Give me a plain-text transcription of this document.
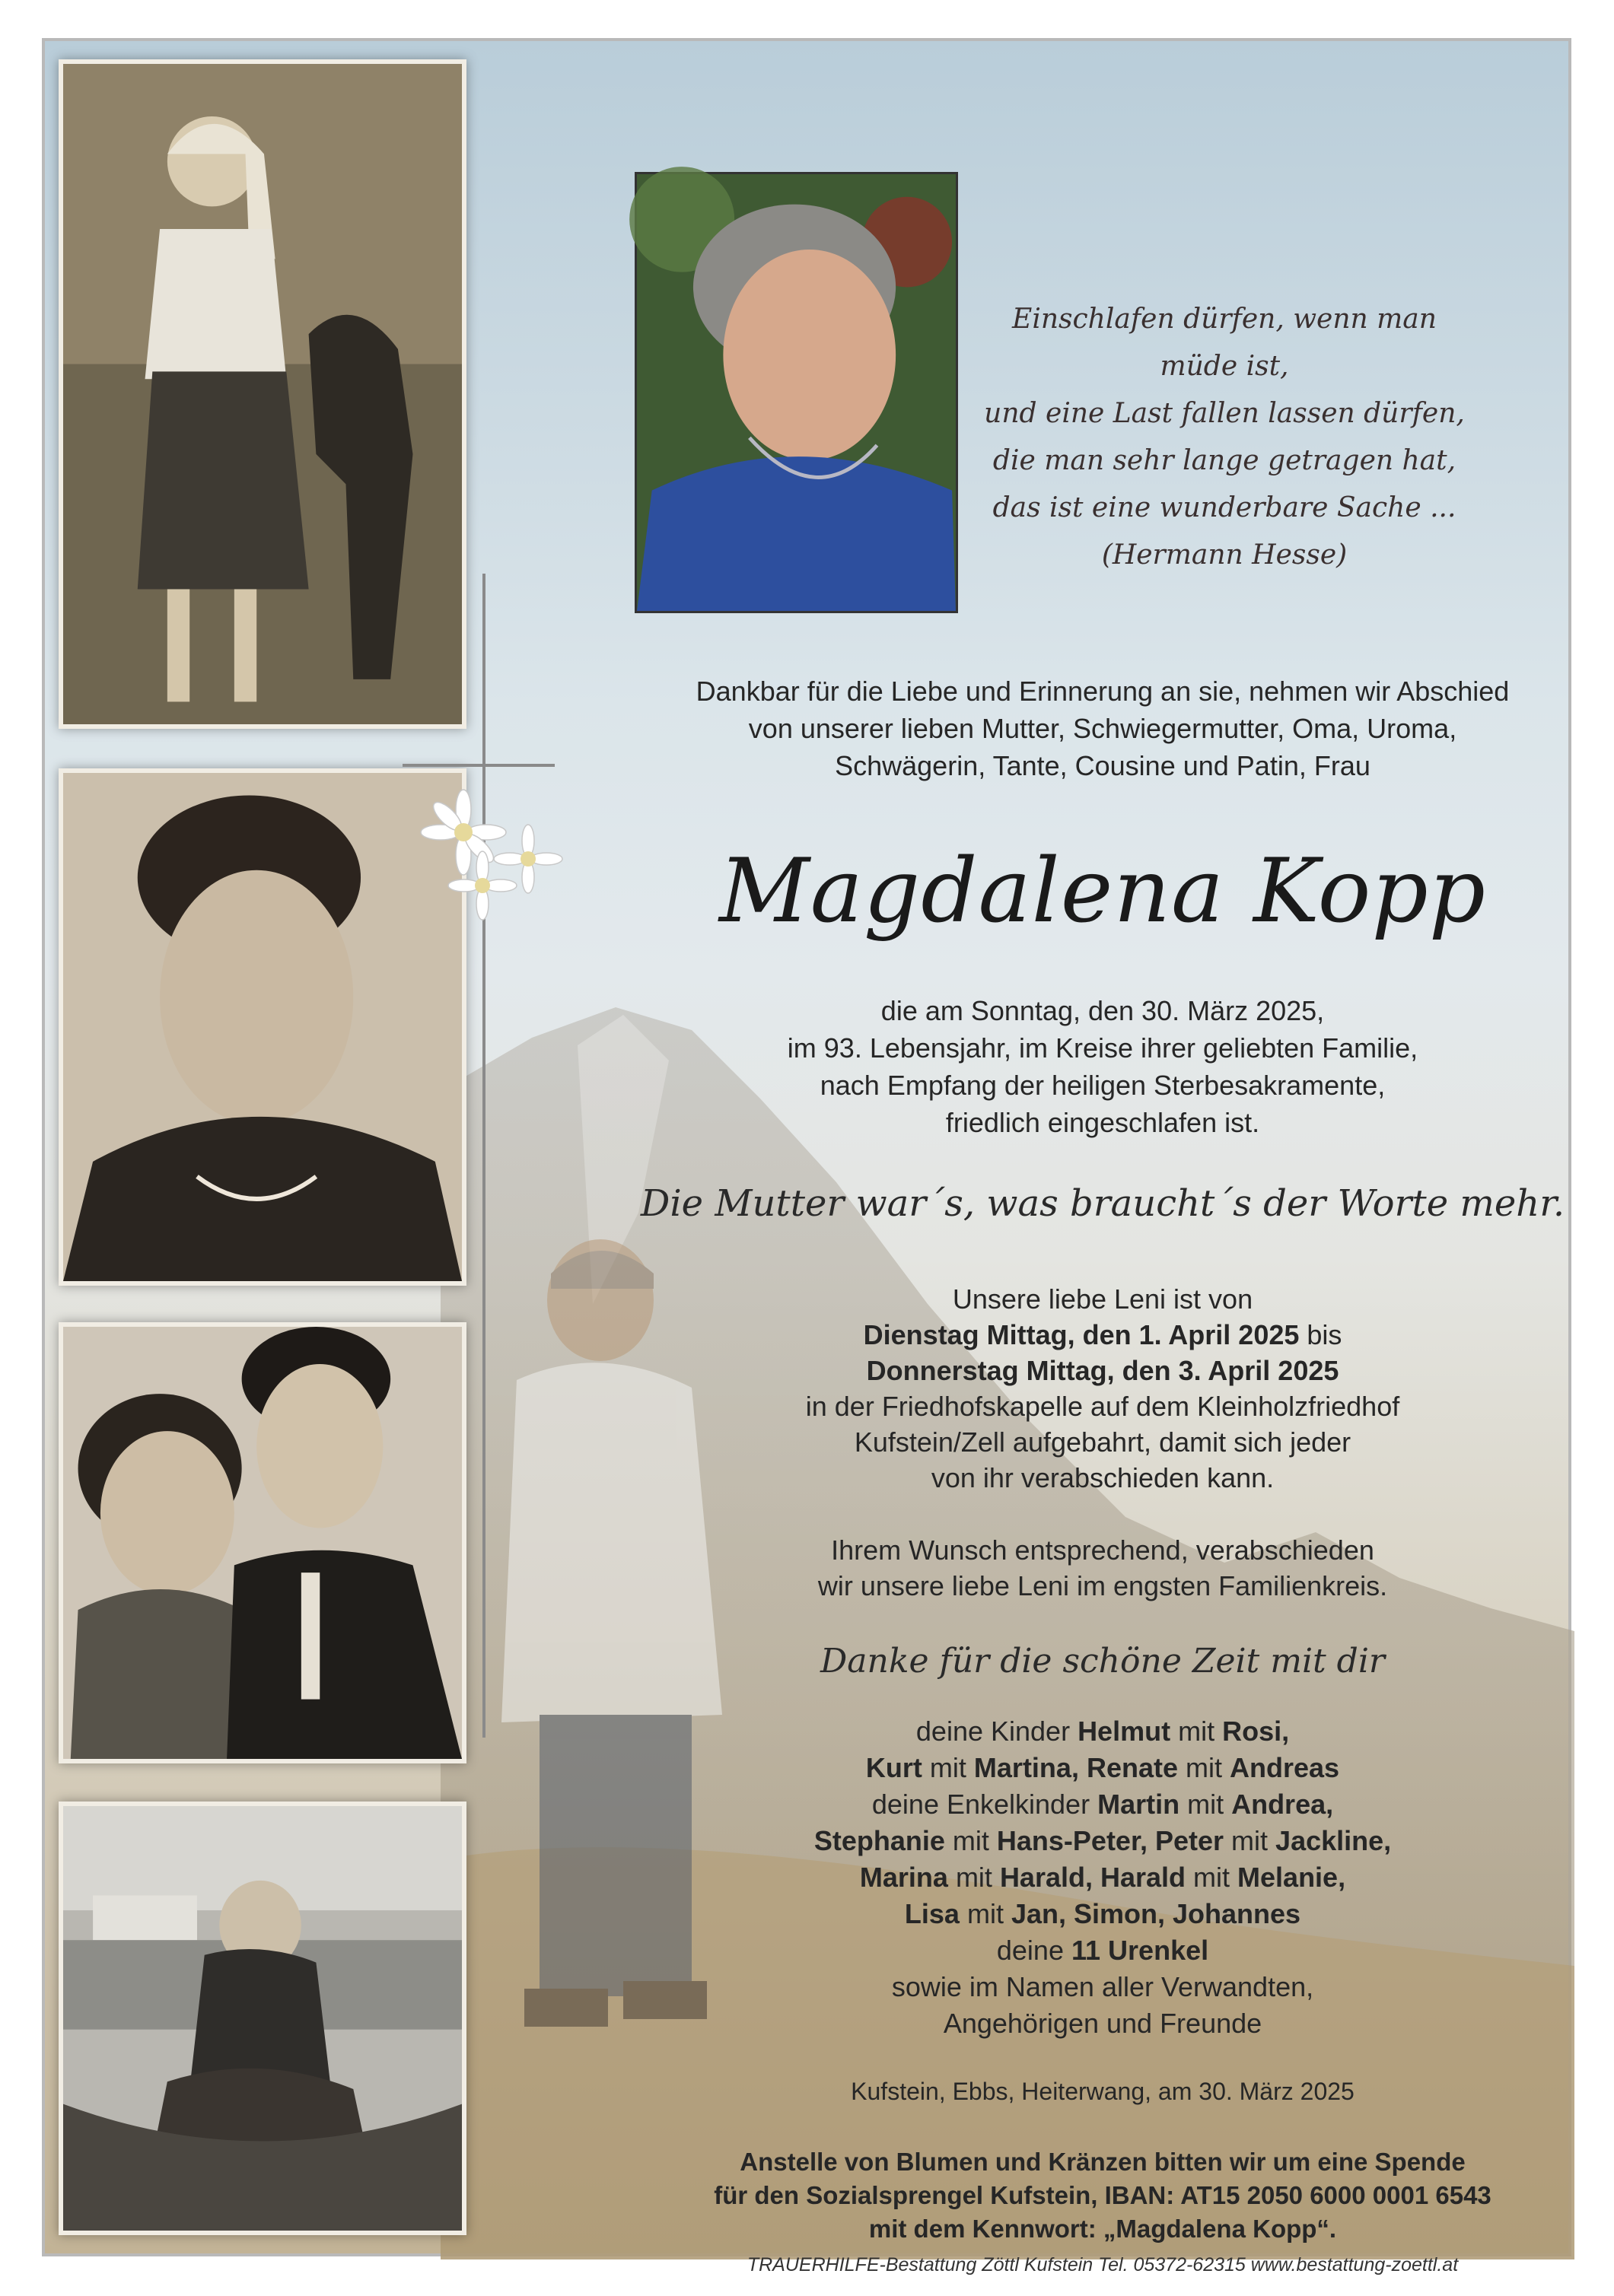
Einschlafen dürfen, wenn man müde ist,
und eine Last fallen lassen dürfen,
die man sehr lange getragen hat,
das ist eine wunderbare Sache ...
(Hermann Hesse)
Dankbar für die Liebe und Erinnerung an sie, nehmen wir Abschied
von unserer lieben Mutter, Schwiegermutter, Oma, Uroma,
Schwägerin, Tante, Cousine und Patin, Frau
Magdalena Kopp
die am Sonntag, den 30. März 2025,
im 93. Lebensjahr, im Kreise ihrer geliebten Familie,
nach Empfang der heiligen Sterbesakramente,
friedlich eingeschlafen ist.
Die Mutter war´s, was braucht´s der Worte mehr.
Unsere liebe Leni ist von
Dienstag Mittag, den 1. April 2025 bis
Donnerstag Mittag, den 3. April 2025
in der Friedhofskapelle auf dem Kleinholzfriedhof
Kufstein/Zell aufgebahrt, damit sich jeder
von ihr verabschieden kann.
Ihrem Wunsch entsprechend, verabschieden
wir unsere liebe Leni im engsten Familienkreis.
Danke für die schöne Zeit mit dir
deine Kinder Helmut mit Rosi,
Kurt mit Martina, Renate mit Andreas
deine Enkelkinder Martin mit Andrea,
Stephanie mit Hans-Peter, Peter mit Jackline,
Marina mit Harald, Harald mit Melanie,
Lisa mit Jan, Simon, Johannes
deine 11 Urenkel
sowie im Namen aller Verwandten,
Angehörigen und Freunde
Kufstein, Ebbs, Heiterwang, am 30. März 2025
Anstelle von Blumen und Kränzen bitten wir um eine Spende
für den Sozialsprengel Kufstein, IBAN: AT15 2050 6000 0001 6543
mit dem Kennwort: „Magdalena Kopp“.
TRAUERHILFE-Bestattung Zöttl Kufstein Tel. 05372-62315 www.bestattung-zoettl.at
